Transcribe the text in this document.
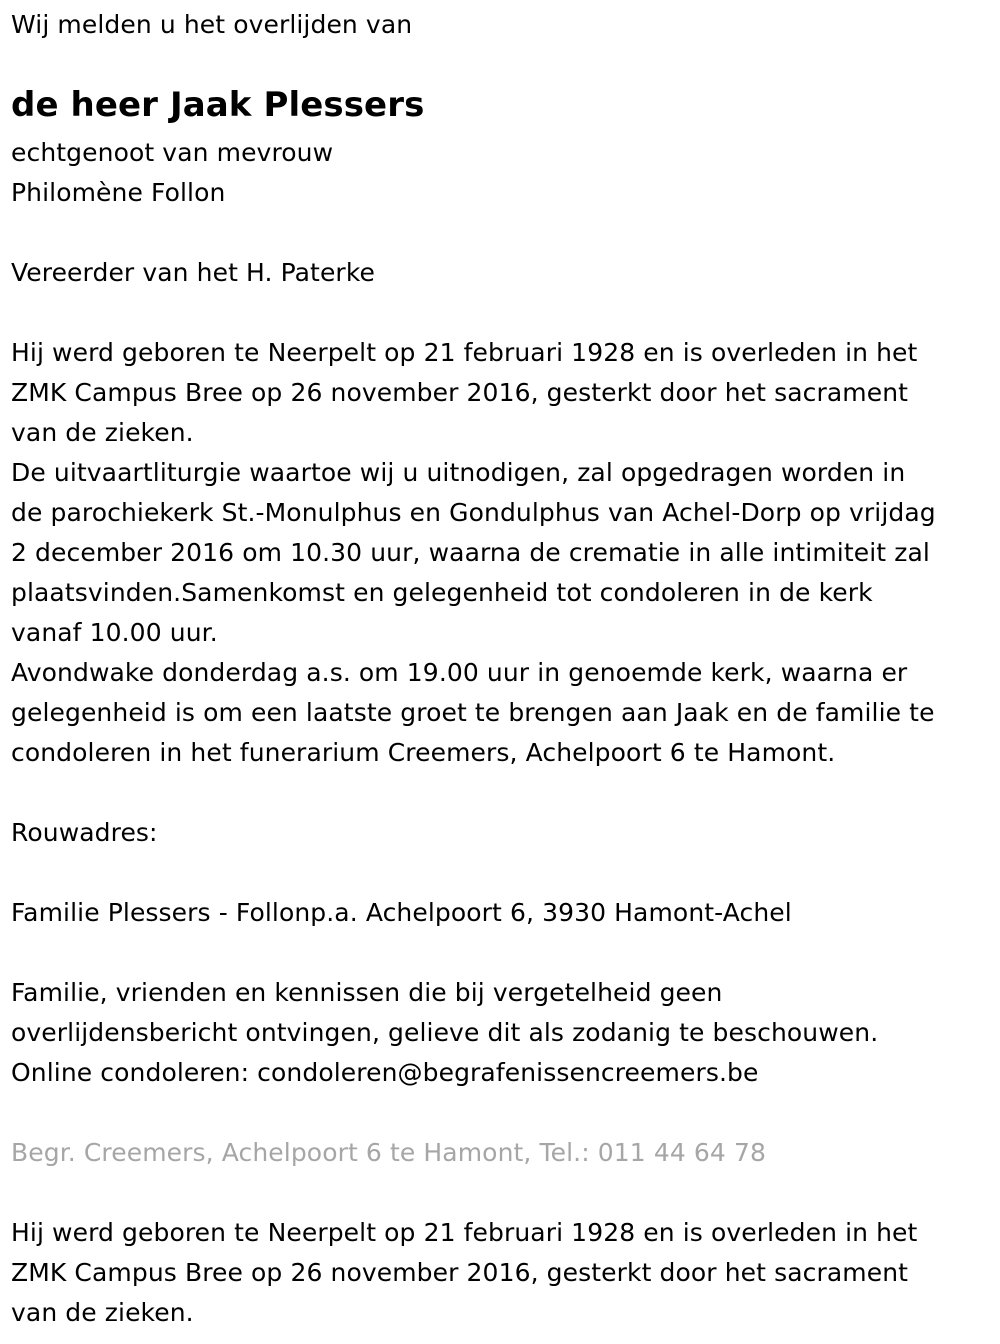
Wij melden u het overlijden van

de heer Jaak Plessers

echtgenoot van mevrouw

Philomène Follon

Vereerder van het H. Paterke

Hij werd geboren te Neerpelt op 21 februari 1928 en is overleden in het

ZMK Campus Bree op 26 november 2016, gesterkt door het sacrament

van de zieken.

De uitvaartliturgie waartoe wij u uitnodigen, zal opgedragen worden in

de parochiekerk St.-Monulphus en Gondulphus van Achel-Dorp op vrijdag

2 december 2016 om 10.30 uur, waarna de crematie in alle intimiteit zal

plaatsvinden.Samenkomst en gelegenheid tot condoleren in de kerk

vanaf 10.00 uur.

Avondwake donderdag a.s. om 19.00 uur in genoemde kerk, waarna er

gelegenheid is om een laatste groet te brengen aan Jaak en de familie te

condoleren in het funerarium Creemers, Achelpoort 6 te Hamont.

Rouwadres:

Familie Plessers - Follonp.a. Achelpoort 6, 3930 Hamont-Achel

Familie, vrienden en kennissen die bij vergetelheid geen

overlijdensbericht ontvingen, gelieve dit als zodanig te beschouwen.

Online condoleren: condoleren@begrafenissencreemers.be

Begr. Creemers, Achelpoort 6 te Hamont, Tel.: 011 44 64 78

Hij werd geboren te Neerpelt op 21 februari 1928 en is overleden in het

ZMK Campus Bree op 26 november 2016, gesterkt door het sacrament

van de zieken.
